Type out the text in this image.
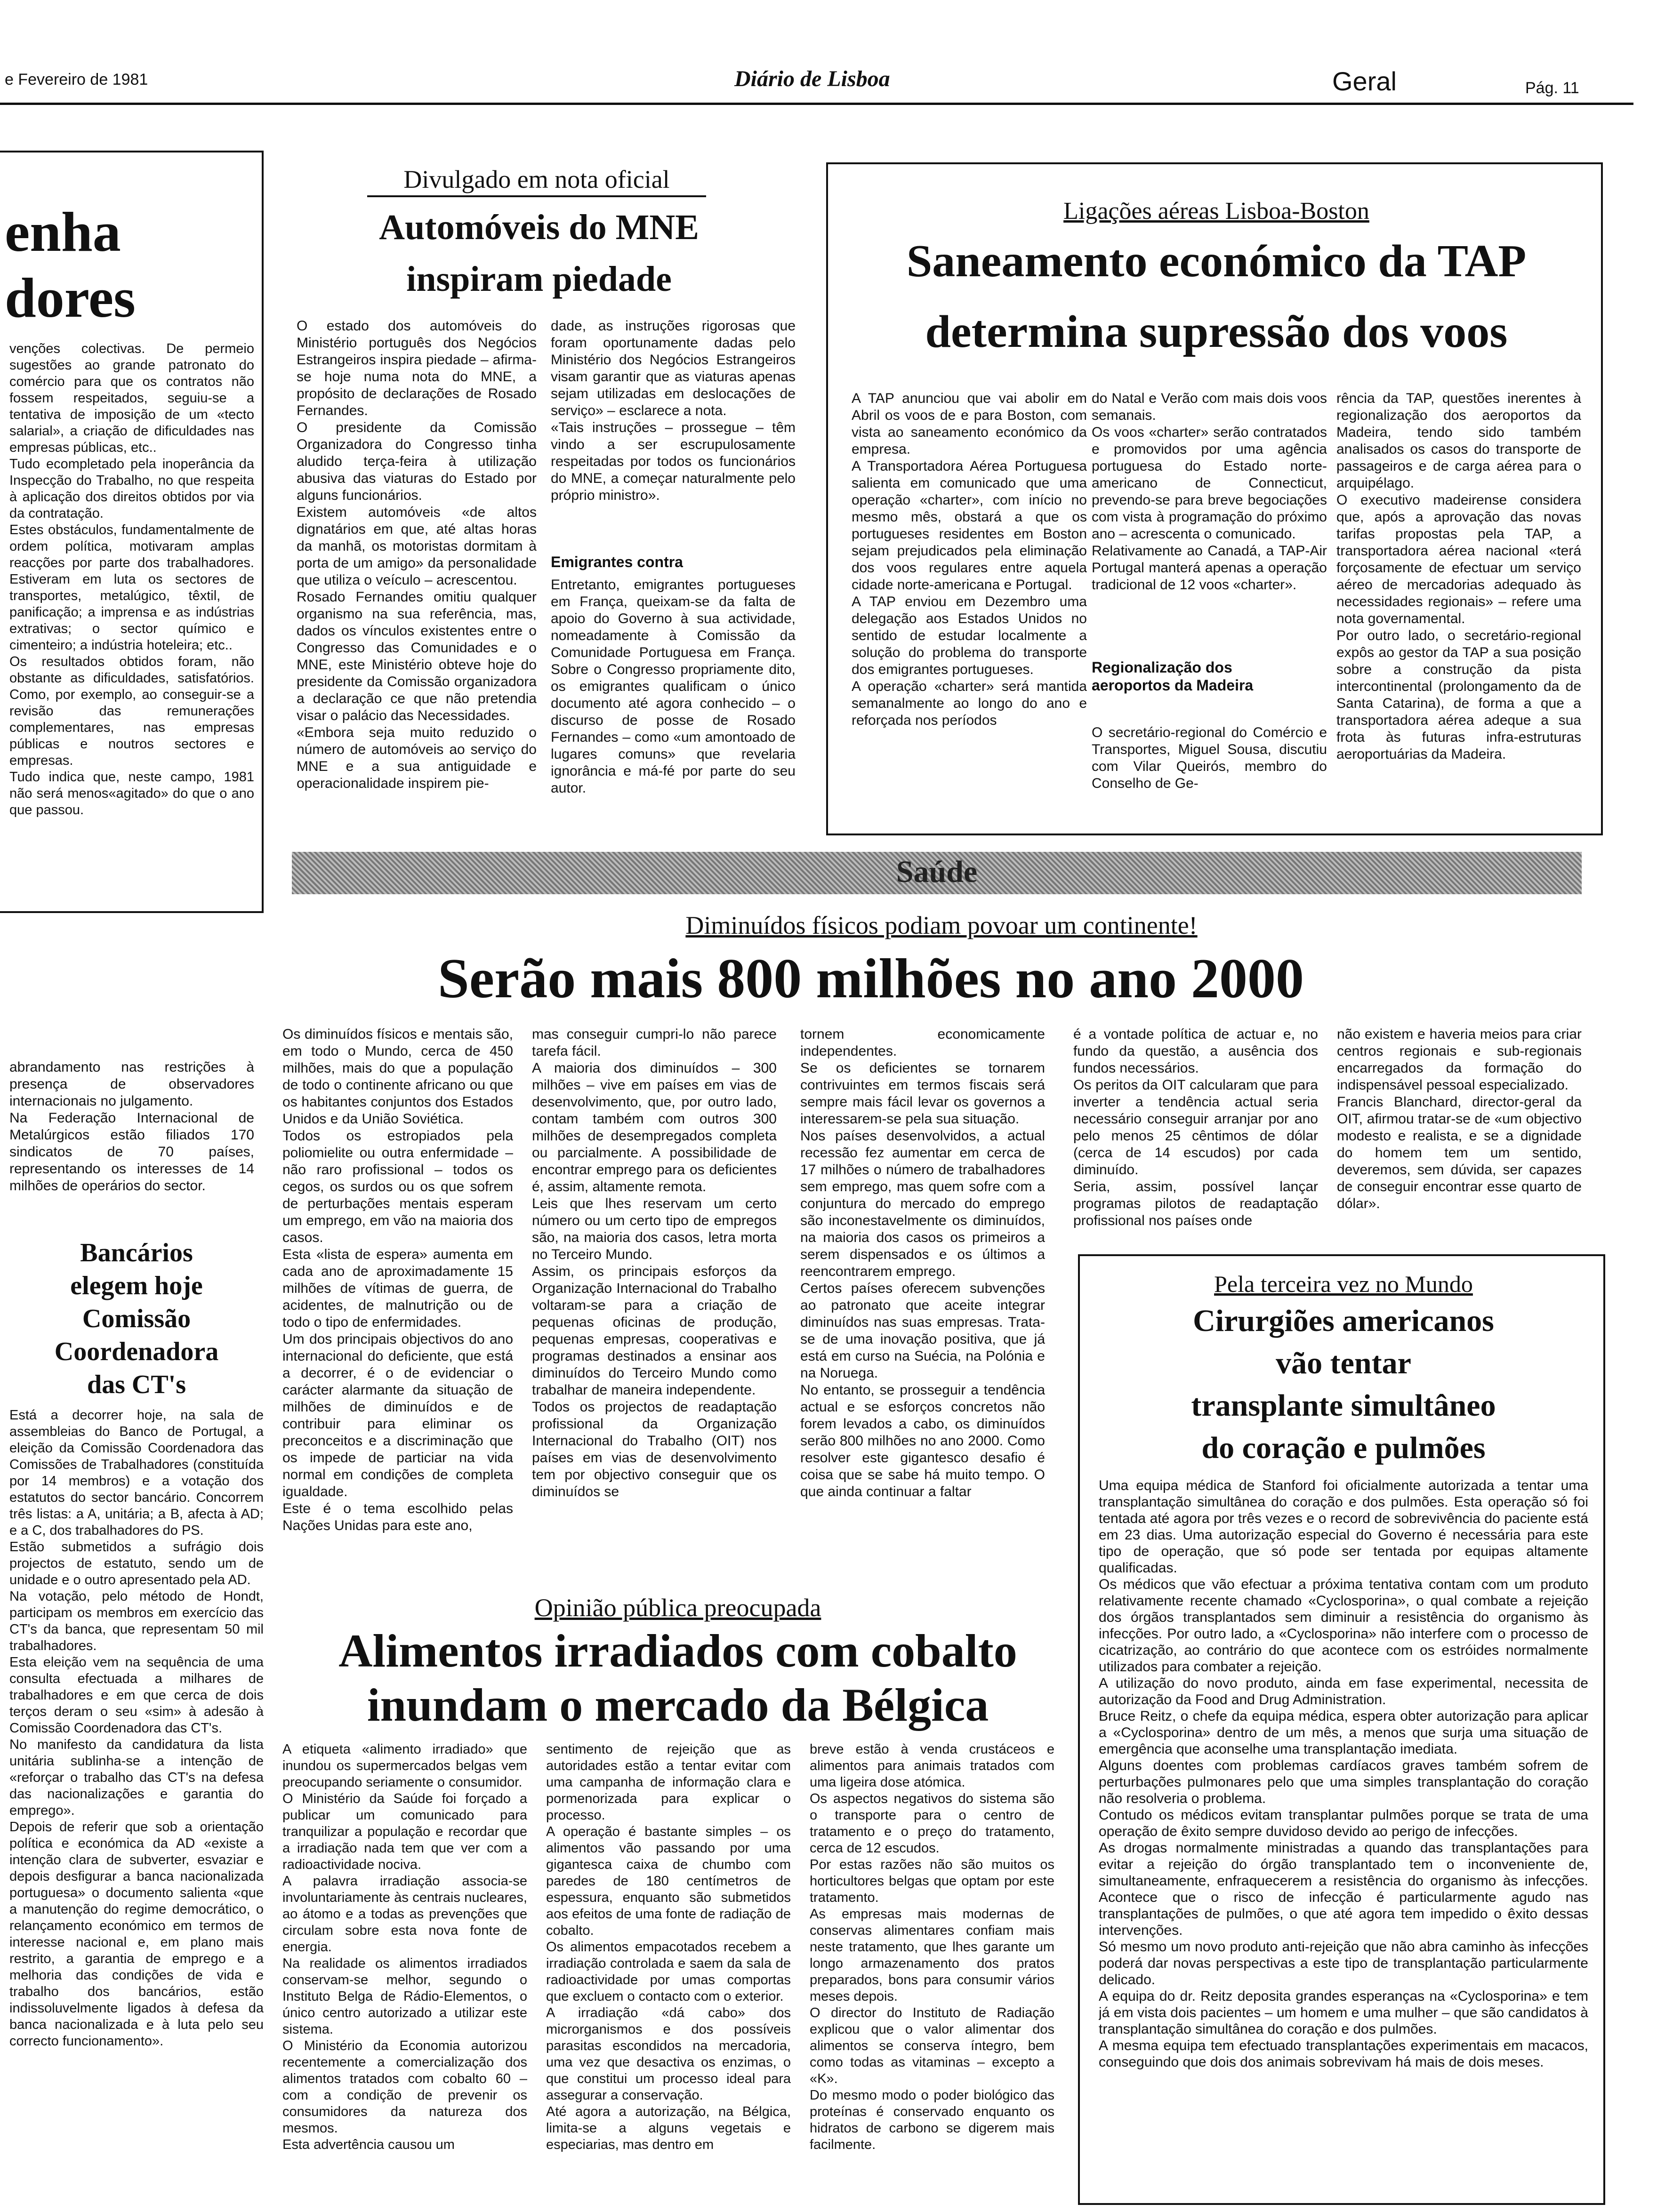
e Fevereiro de 1981	Diário de Lisboa	Geral	Pág. 11
enha
dores
venções colectivas. De permeio sugestões ao grande patronato do comércio para que os contratos não fossem respeitados, seguiu-se a tentativa de imposição de um «tecto salarial», a criação de dificuldades nas empresas públicas, etc..
Tudo ecompletado pela inoperância da Inspecção do Trabalho, no que respeita à aplicação dos direitos obtidos por via da contratação.
Estes obstáculos, fundamentalmente de ordem política, motivaram amplas reacções por parte dos trabalhadores. Estiveram em luta os sectores de transportes, metalúgico, têxtil, de panificação; a imprensa e as indústrias extrativas; o sector químico e cimenteiro; a indústria hoteleira; etc..
Os resultados obtidos foram, não obstante as dificuldades, satisfatórios. Como, por exemplo, ao conseguir-se a revisão das remunerações complementares, nas empresas públicas e noutros sectores e empresas.
Tudo indica que, neste campo, 1981 não será menos«agitado» do que o ano que passou.
Divulgado em nota oficial
Automóveis do MNE
inspiram piedade
O estado dos automóveis do Ministério português dos Negócios Estrangeiros inspira piedade – afirma-se hoje numa nota do MNE, a propósito de declarações de Rosado Fernandes.
O presidente da Comissão Organizadora do Congresso tinha aludido terça-feira à utilização abusiva das viaturas do Estado por alguns funcionários.
Existem automóveis «de altos dignatários em que, até altas horas da manhã, os motoristas dormitam à porta de um amigo» da personalidade que utiliza o veículo – acrescentou.
Rosado Fernandes omitiu qualquer organismo na sua referência, mas, dados os vínculos existentes entre o Congresso das Comunidades e o MNE, este Ministério obteve hoje do presidente da Comissão organizadora a declaração ce que não pretendia visar o palácio das Necessidades.
«Embora seja muito reduzido o número de automóveis ao serviço do MNE e a sua antiguidade e operacionalidade inspirem pie-
dade, as instruções rigorosas que foram oportunamente dadas pelo Ministério dos Negócios Estrangeiros visam garantir que as viaturas apenas sejam utilizadas em deslocações de serviço» – esclarece a nota.
«Tais instruções – prossegue – têm vindo a ser escrupulosamente respeitadas por todos os funcionários do MNE, a começar naturalmente pelo próprio ministro».
Emigrantes contra
Entretanto, emigrantes portugueses em França, queixam-se da falta de apoio do Governo à sua actividade, nomeadamente à Comissão da Comunidade Portuguesa em França. Sobre o Congresso propriamente dito, os emigrantes qualificam o único documento até agora conhecido – o discurso de posse de Rosado Fernandes – como «um amontoado de lugares comuns» que revelaria ignorância e má-fé por parte do seu autor.
Ligações aéreas Lisboa-Boston
Saneamento económico da TAP
determina supressão dos voos
A TAP anunciou que vai abolir em Abril os voos de e para Boston, com vista ao saneamento económico da empresa.
A Transportadora Aérea Portuguesa salienta em comunicado que uma operação «charter», com início no mesmo mês, obstará a que os portugueses residentes em Boston sejam prejudicados pela eliminação dos voos regulares entre aquela cidade norte-americana e Portugal.
A TAP enviou em Dezembro uma delegação aos Estados Unidos no sentido de estudar localmente a solução do problema do transporte dos emigrantes portugueses.
A operação «charter» será mantida semanalmente ao longo do ano e reforçada nos períodos
do Natal e Verão com mais dois voos semanais.
Os voos «charter» serão contratados e promovidos por uma agência portuguesa do Estado norte-americano de Connecticut, prevendo-se para breve begociações com vista à programação do próximo ano – acrescenta o comunicado.
Relativamente ao Canadá, a TAP-Air Portugal manterá apenas a operação tradicional de 12 voos «charter».
Regionalização dos aeroportos da Madeira
O secretário-regional do Comércio e Transportes, Miguel Sousa, discutiu com Vilar Queirós, membro do Conselho de Ge-
rência da TAP, questões inerentes à regionalização dos aeroportos da Madeira, tendo sido também analisados os casos do transporte de passageiros e de carga aérea para o arquipélago.
O executivo madeirense considera que, após a aprovação das novas tarifas propostas pela TAP, a transportadora aérea nacional «terá forçosamente de efectuar um serviço aéreo de mercadorias adequado às necessidades regionais» – refere uma nota governamental.
Por outro lado, o secretário-regional expôs ao gestor da TAP a sua posição sobre a construção da pista intercontinental (prolongamento da de Santa Catarina), de forma a que a transportadora aérea adeque a sua frota às futuras infra-estruturas aeroportuárias da Madeira.
Saúde
Diminuídos físicos podiam povoar um continente!
Serão mais 800 milhões no ano 2000
Os diminuídos físicos e mentais são, em todo o Mundo, cerca de 450 milhões, mais do que a população de todo o continente africano ou que os habitantes conjuntos dos Estados Unidos e da União Soviética.
Todos os estropiados pela poliomielite ou outra enfermidade – não raro profissional – todos os cegos, os surdos ou os que sofrem de perturbações mentais esperam um emprego, em vão na maioria dos casos.
Esta «lista de espera» aumenta em cada ano de aproximadamente 15 milhões de vítimas de guerra, de acidentes, de malnutrição ou de todo o tipo de enfermidades.
Um dos principais objectivos do ano internacional do deficiente, que está a decorrer, é o de evidenciar o carácter alarmante da situação de milhões de diminuídos e de contribuir para eliminar os preconceitos e a discriminação que os impede de particiar na vida normal em condições de completa igualdade.
Este é o tema escolhido pelas Nações Unidas para este ano,
mas conseguir cumpri-lo não parece tarefa fácil.
A maioria dos diminuídos – 300 milhões – vive em países em vias de desenvolvimento, que, por outro lado, contam também com outros 300 milhões de desempregados completa ou parcialmente. A possibilidade de encontrar emprego para os deficientes é, assim, altamente remota.
Leis que lhes reservam um certo número ou um certo tipo de empregos são, na maioria dos casos, letra morta no Terceiro Mundo.
Assim, os principais esforços da Organização Internacional do Trabalho voltaram-se para a criação de pequenas oficinas de produção, pequenas empresas, cooperativas e programas destinados a ensinar aos diminuídos do Terceiro Mundo como trabalhar de maneira independente.
Todos os projectos de readaptação profissional da Organização Internacional do Trabalho (OIT) nos países em vias de desenvolvimento tem por objectivo conseguir que os diminuídos se
tornem economicamente independentes.
Se os deficientes se tornarem contrivuintes em termos fiscais será sempre mais fácil levar os governos a interessarem-se pela sua situação.
Nos países desenvolvidos, a actual recessão fez aumentar em cerca de 17 milhões o número de trabalhadores sem emprego, mas quem sofre com a conjuntura do mercado do emprego são inconestavelmente os diminuídos, na maioria dos casos os primeiros a serem dispensados e os últimos a reencontrarem emprego.
Certos países oferecem subvenções ao patronato que aceite integrar diminuídos nas suas empresas. Trata-se de uma inovação positiva, que já está em curso na Suécia, na Polónia e na Noruega.
No entanto, se prosseguir a tendência actual e se esforços concretos não forem levados a cabo, os diminuídos serão 800 milhões no ano 2000. Como resolver este gigantesco desafio é coisa que se sabe há muito tempo. O que ainda continuar a faltar
é a vontade política de actuar e, no fundo da questão, a ausência dos fundos necessários.
Os peritos da OIT calcularam que para inverter a tendência actual seria necessário conseguir arranjar por ano pelo menos 25 cêntimos de dólar (cerca de 14 escudos) por cada diminuído.
Seria, assim, possível lançar programas pilotos de readaptação profissional nos países onde
não existem e haveria meios para criar centros regionais e sub-regionais encarregados da formação do indispensável pessoal especializado.
Francis Blanchard, director-geral da OIT, afirmou tratar-se de «um objectivo modesto e realista, e se a dignidade do homem tem um sentido, deveremos, sem dúvida, ser capazes de conseguir encontrar esse quarto de dólar».
abrandamento nas restrições à presença de observadores internacionais no julgamento.
Na Federação Internacional de Metalúrgicos estão filiados 170 sindicatos de 70 países, representando os interesses de 14 milhões de operários do sector.
Bancários
elegem hoje
Comissão
Coordenadora
das CT's
Está a decorrer hoje, na sala de assembleias do Banco de Portugal, a eleição da Comissão Coordenadora das Comissões de Trabalhadores (constituída por 14 membros) e a votação dos estatutos do sector bancário. Concorrem três listas: a A, unitária; a B, afecta à AD; e a C, dos trabalhadores do PS.
Estão submetidos a sufrágio dois projectos de estatuto, sendo um de unidade e o outro apresentado pela AD.
Na votação, pelo método de Hondt, participam os membros em exercício das CT's da banca, que representam 50 mil trabalhadores.
Esta eleição vem na sequência de uma consulta efectuada a milhares de trabalhadores e em que cerca de dois terços deram o seu «sim» à adesão à Comissão Coordenadora das CT's.
No manifesto da candidatura da lista unitária sublinha-se a intenção de «reforçar o trabalho das CT's na defesa das nacionalizações e garantia do emprego».
Depois de referir que sob a orientação política e económica da AD «existe a intenção clara de subverter, esvaziar e depois desfigurar a banca nacionalizada portuguesa» o documento salienta «que a manutenção do regime democrático, o relançamento económico em termos de interesse nacional e, em plano mais restrito, a garantia de emprego e a melhoria das condições de vida e trabalho dos bancários, estão indissoluvelmente ligados à defesa da banca nacionalizada e à luta pelo seu correcto funcionamento».
Pela terceira vez no Mundo
Cirurgiões americanos
vão tentar
transplante simultâneo
do coração e pulmões
Uma equipa médica de Stanford foi oficialmente autorizada a tentar uma transplantação simultânea do coração e dos pulmões. Esta operação só foi tentada até agora por três vezes e o record de sobrevivência do paciente está em 23 dias. Uma autorização especial do Governo é necessária para este tipo de operação, que só pode ser tentada por equipas altamente qualificadas.
Os médicos que vão efectuar a próxima tentativa contam com um produto relativamente recente chamado «Cyclosporina», o qual combate a rejeição dos órgãos transplantados sem diminuir a resistência do organismo às infecções. Por outro lado, a «Cyclosporina» não interfere com o processo de cicatrização, ao contrário do que acontece com os estróides normalmente utilizados para combater a rejeição.
A utilização do novo produto, ainda em fase experimental, necessita de autorização da Food and Drug Administration.
Bruce Reitz, o chefe da equipa médica, espera obter autorização para aplicar a «Cyclosporina» dentro de um mês, a menos que surja uma situação de emergência que aconselhe uma transplantação imediata.
Alguns doentes com problemas cardíacos graves também sofrem de perturbações pulmonares pelo que uma simples transplantação do coração não resolveria o problema.
Contudo os médicos evitam transplantar pulmões porque se trata de uma operação de êxito sempre duvidoso devido ao perigo de infecções.
As drogas normalmente ministradas a quando das transplantações para evitar a rejeição do órgão transplantado tem o inconveniente de, simultaneamente, enfraquecerem a resistência do organismo às infecções. Acontece que o risco de infecção é particularmente agudo nas transplantações de pulmões, o que até agora tem impedido o êxito dessas intervenções.
Só mesmo um novo produto anti-rejeição que não abra caminho às infecções poderá dar novas perspectivas a este tipo de transplantação particularmente delicado.
A equipa do dr. Reitz deposita grandes esperanças na «Cyclosporina» e tem já em vista dois pacientes – um homem e uma mulher – que são candidatos à transplantação simultânea do coração e dos pulmões.
A mesma equipa tem efectuado transplantações experimentais em macacos, conseguindo que dois dos animais sobrevivam há mais de dois meses.
Opinião pública preocupada
Alimentos irradiados com cobalto
inundam o mercado da Bélgica
A etiqueta «alimento irradiado» que inundou os supermercados belgas vem preocupando seriamente o consumidor.
O Ministério da Saúde foi forçado a publicar um comunicado para tranquilizar a população e recordar que a irradiação nada tem que ver com a radioactividade nociva.
A palavra irradiação associa-se involuntariamente às centrais nucleares, ao átomo e a todas as prevenções que circulam sobre esta nova fonte de energia.
Na realidade os alimentos irradiados conservam-se melhor, segundo o Instituto Belga de Rádio-Elementos, o único centro autorizado a utilizar este sistema.
O Ministério da Economia autorizou recentemente a comercialização dos alimentos tratados com cobalto 60 – com a condição de prevenir os consumidores da natureza dos mesmos.
Esta advertência causou um
sentimento de rejeição que as autoridades estão a tentar evitar com uma campanha de informação clara e pormenorizada para explicar o processo.
A operação é bastante simples – os alimentos vão passando por uma gigantesca caixa de chumbo com paredes de 180 centímetros de espessura, enquanto são submetidos aos efeitos de uma fonte de radiação de cobalto.
Os alimentos empacotados recebem a irradiação controlada e saem da sala de radioactividade por umas comportas que excluem o contacto com o exterior.
A irradiação «dá cabo» dos microrganismos e dos possíveis parasitas escondidos na mercadoria, uma vez que desactiva os enzimas, o que constitui um processo ideal para assegurar a conservação.
Até agora a autorização, na Bélgica, limita-se a alguns vegetais e especiarias, mas dentro em
breve estão à venda crustáceos e alimentos para animais tratados com uma ligeira dose atómica.
Os aspectos negativos do sistema são o transporte para o centro de tratamento e o preço do tratamento, cerca de 12 escudos.
Por estas razões não são muitos os horticultores belgas que optam por este tratamento.
As empresas mais modernas de conservas alimentares confiam mais neste tratamento, que lhes garante um longo armazenamento dos pratos preparados, bons para consumir vários meses depois.
O director do Instituto de Radiação explicou que o valor alimentar dos alimentos se conserva íntegro, bem como todas as vitaminas – excepto a «K».
Do mesmo modo o poder biológico das proteínas é conservado enquanto os hidratos de carbono se digerem mais facilmente.
